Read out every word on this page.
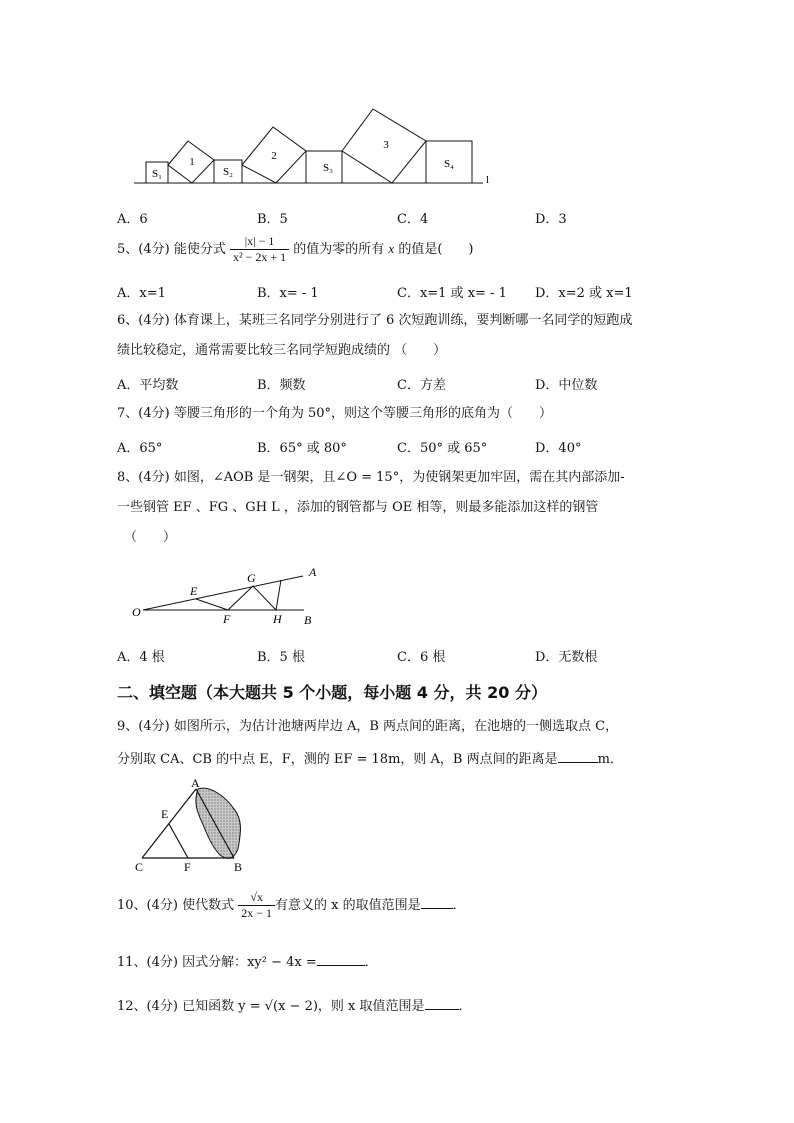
S₁
1
S₂
2
S₃
3
S₄
l
A．6	B．5	C．4	D．3
5、(4分) 能使分式 $\frac{|x| - 1}{\text{x² − 2x + 1}}$ 的值为零的所有 x 的值是(　　)
A．x=1	B．x= - 1	C．x=1 或 x= - 1 D．x=2 或 x=1
6、(4分) 体育课上，某班三名同学分别进行了 6 次短跑训练，要判断哪一名同学的短跑成
绩比较稳定，通常需要比较三名同学短跑成绩的 （　　）
A．平均数	B．频数	C．方差	D．中位数
7、(4分) 等腰三角形的一个角为 50°，则这个等腰三角形的底角为（　　）
A．65°	B．65° 或 80°	C．50° 或 65°	D．40°
8、(4分) 如图，∠AOB 是一钢架，且∠O = 15°，为使钢架更加牢固，需在其内部添加-
一些钢管 EF 、FG 、GH L ，添加的钢管都与 OE 相等，则最多能添加这样的钢管
（　　）
O
E
G	A
F	H B
A．4 根	B．5 根	C．6 根	D．无数根
二、填空题（本大题共 5 个小题，每小题 4 分，共 20 分）
9、(4分) 如图所示，为估计池塘两岸边 A，B 两点间的距离，在池塘的一侧选取点 C，
分别取 CA、CB 的中点 E，F，测的 EF = 18m，则 A，B 两点间的距离是	m．
A
E
C	F	B
10、(4分) 使代数式 $\frac{√x}{2x - 1}$ 有意义的 x 的取值范围是 ．
11、(4分) 因式分解：xy² − 4x =	．
12、(4分) 已知函数 y = √(x − 2)，则 x 取值范围是	．
